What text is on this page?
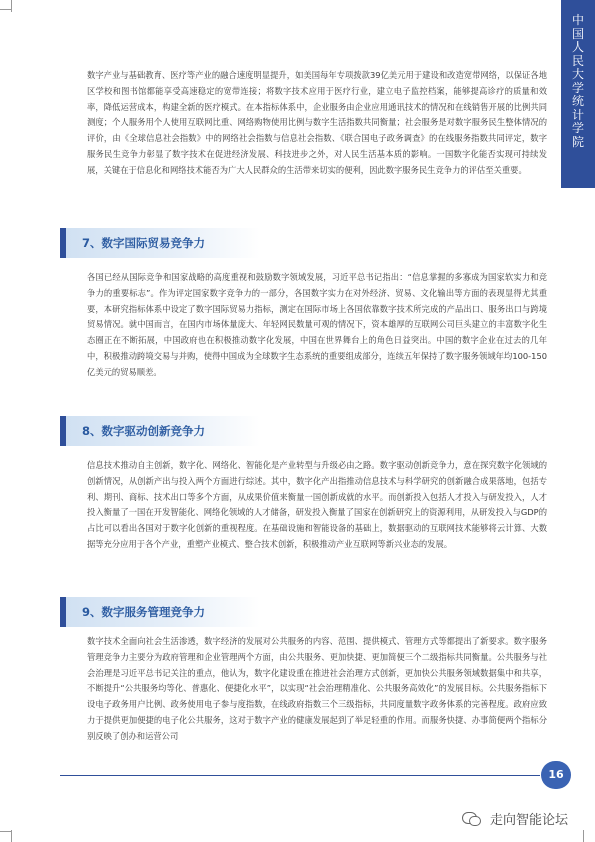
中
国
人
民
大
学
统
计
学
院

数字产业与基础教育、医疗等产业的融合速度明显提升，如美国每年专项拨款39亿美元用于建设和改造宽带网络，以保证各地区学校和图书馆都能享受高速稳定的宽带连接；将数字技术应用于医疗行业，建立电子监控档案，能够提高诊疗的质量和效率，降低运营成本，构建全新的医疗模式。在本指标体系中，企业服务由企业应用通讯技术的情况和在线销售开展的比例共同测度；个人服务用个人使用互联网比重、网络购物使用比例与数字生活指数共同衡量；社会服务是对数字服务民生整体情况的评价，由《全球信息社会指数》中的网络社会指数与信息社会指数、《联合国电子政务调查》的在线服务指数共同评定，数字服务民生竞争力彰显了数字技术在促进经济发展、科技进步之外，对人民生活基本质的影响。一国数字化能否实现可持续发展，关键在于信息化和网络技术能否为广大人民群众的生活带来切实的便利，因此数字服务民生竞争力的评估至关重要。

7、数字国际贸易竞争力

各国已经从国际竞争和国家战略的高度重视和鼓励数字领域发展，习近平总书记指出：“信息掌握的多寡成为国家软实力和竞争力的重要标志”。作为评定国家数字竞争力的一部分，各国数字实力在对外经济、贸易、文化输出等方面的表现显得尤其重要，本研究指标体系中设定了数字国际贸易力指标，测定在国际市场上各国依靠数字技术所完成的产品出口、服务出口与跨境贸易情况。就中国而言，在国内市场体量庞大、年轻网民数量可观的情况下，资本雄厚的互联网公司巨头建立的丰富数字化生态圈正在不断拓展，中国政府也在积极推动数字化发展，中国在世界舞台上的角色日益突出。中国的数字企业在过去的几年中，积极推动跨境交易与并购，使得中国成为全球数字生态系统的重要组成部分，连续五年保持了数字服务领域年均100-150亿美元的贸易顺差。

8、数字驱动创新竞争力

信息技术推动自主创新，数字化、网络化、智能化是产业转型与升级必由之路。数字驱动创新竞争力，意在探究数字化领域的创新情况，从创新产出与投入两个方面进行综述。其中，数字化产出指推动信息技术与科学研究的创新融合成果落地，包括专利、期刊、商标、技术出口等多个方面，从成果价值来衡量一国创新成就的水平。而创新投入包括人才投入与研发投入，人才投入衡量了一国在开发智能化、网络化领域的人才储备，研发投入衡量了国家在创新研究上的资源利用，从研发投入与GDP的占比可以看出各国对于数字化创新的重视程度。在基础设施和智能设备的基础上，数据驱动的互联网技术能够将云计算、大数据等充分应用于各个产业，重塑产业模式、整合技术创新，积极推动产业互联网等新兴业态的发展。

9、数字服务管理竞争力

数字技术全面向社会生活渗透，数字经济的发展对公共服务的内容、范围、提供模式、管理方式等都提出了新要求。数字服务管理竞争力主要分为政府管理和企业管理两个方面，由公共服务、更加快捷、更加简便三个二级指标共同衡量。公共服务与社会治理是习近平总书记关注的重点，他认为，数字化建设重在推进社会治理方式创新，更加快公共服务领域数据集中和共享，不断提升“公共服务均等化、普惠化、便捷化水平”，以实现“社会治理精准化、公共服务高效化”的发展目标。公共服务指标下设电子政务用户比例、政务使用电子参与度指数，在线政府指数三个三级指标，共同度量数字政务体系的完善程度。政府应致力于提供更加便捷的电子化公共服务，这对于数字产业的健康发展起到了举足轻重的作用。而服务快捷、办事简便两个指标分别反映了创办和运营公司

16
走向智能论坛
